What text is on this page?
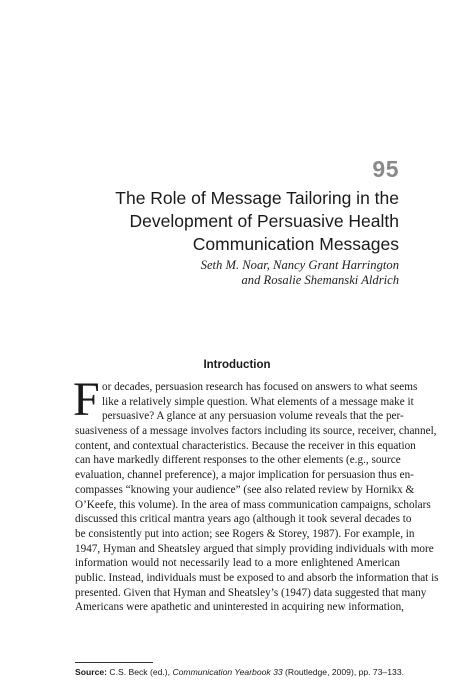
95
The Role of Message Tailoring in the
Development of Persuasive Health
Communication Messages
Seth M. Noar, Nancy Grant Harrington
and Rosalie Shemanski Aldrich
Introduction
F or decades, persuasion research has focused on answers to what seems
like a relatively simple question. What elements of a message make it
persuasive? A glance at any persuasion volume reveals that the per-
suasiveness of a message involves factors including its source, receiver, channel,
content, and contextual characteristics. Because the receiver in this equation
can have markedly different responses to the other elements (e.g., source
evaluation, channel preference), a major implication for persuasion thus en-
compasses “knowing your audience” (see also related review by Hornikx &
O’Keefe, this volume). In the area of mass communication campaigns, scholars
discussed this critical mantra years ago (although it took several decades to
be consistently put into action; see Rogers & Storey, 1987). For example, in
1947, Hyman and Sheatsley argued that simply providing individuals with more
information would not necessarily lead to a more enlightened American
public. Instead, individuals must be exposed to and absorb the information that is
presented. Given that Hyman and Sheatsley’s (1947) data suggested that many
Americans were apathetic and uninterested in acquiring new information,
Source: C.S. Beck (ed.), Communication Yearbook 33 (Routledge, 2009), pp. 73–133.
